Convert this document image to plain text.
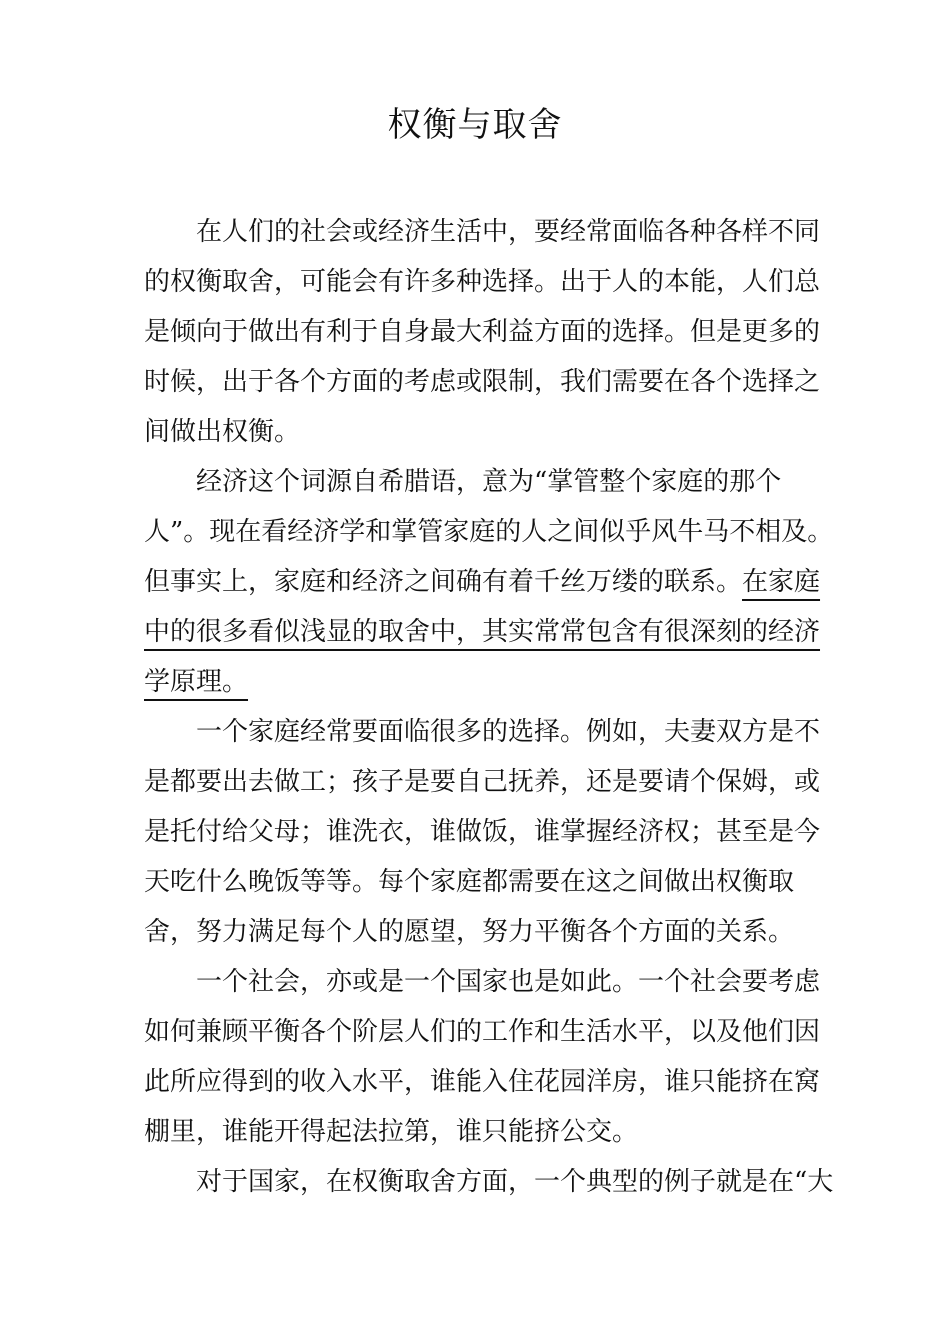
权衡与取舍
在人们的社会或经济生活中，要经常面临各种各样不同
的权衡取舍，可能会有许多种选择。出于人的本能，人们总
是倾向于做出有利于自身最大利益方面的选择。但是更多的
时候，出于各个方面的考虑或限制，我们需要在各个选择之
间做出权衡。
经济这个词源自希腊语，意为“掌管整个家庭的那个
人”。现在看经济学和掌管家庭的人之间似乎风牛马不相及。
但事实上，家庭和经济之间确有着千丝万缕的联系。在家庭
中的很多看似浅显的取舍中，其实常常包含有很深刻的经济
学原理。
一个家庭经常要面临很多的选择。例如，夫妻双方是不
是都要出去做工；孩子是要自己抚养，还是要请个保姆，或
是托付给父母；谁洗衣，谁做饭，谁掌握经济权；甚至是今
天吃什么晚饭等等。每个家庭都需要在这之间做出权衡取
舍，努力满足每个人的愿望，努力平衡各个方面的关系。
一个社会，亦或是一个国家也是如此。一个社会要考虑
如何兼顾平衡各个阶层人们的工作和生活水平，以及他们因
此所应得到的收入水平，谁能入住花园洋房，谁只能挤在窝
棚里，谁能开得起法拉第，谁只能挤公交。
对于国家，在权衡取舍方面，一个典型的例子就是在“大
